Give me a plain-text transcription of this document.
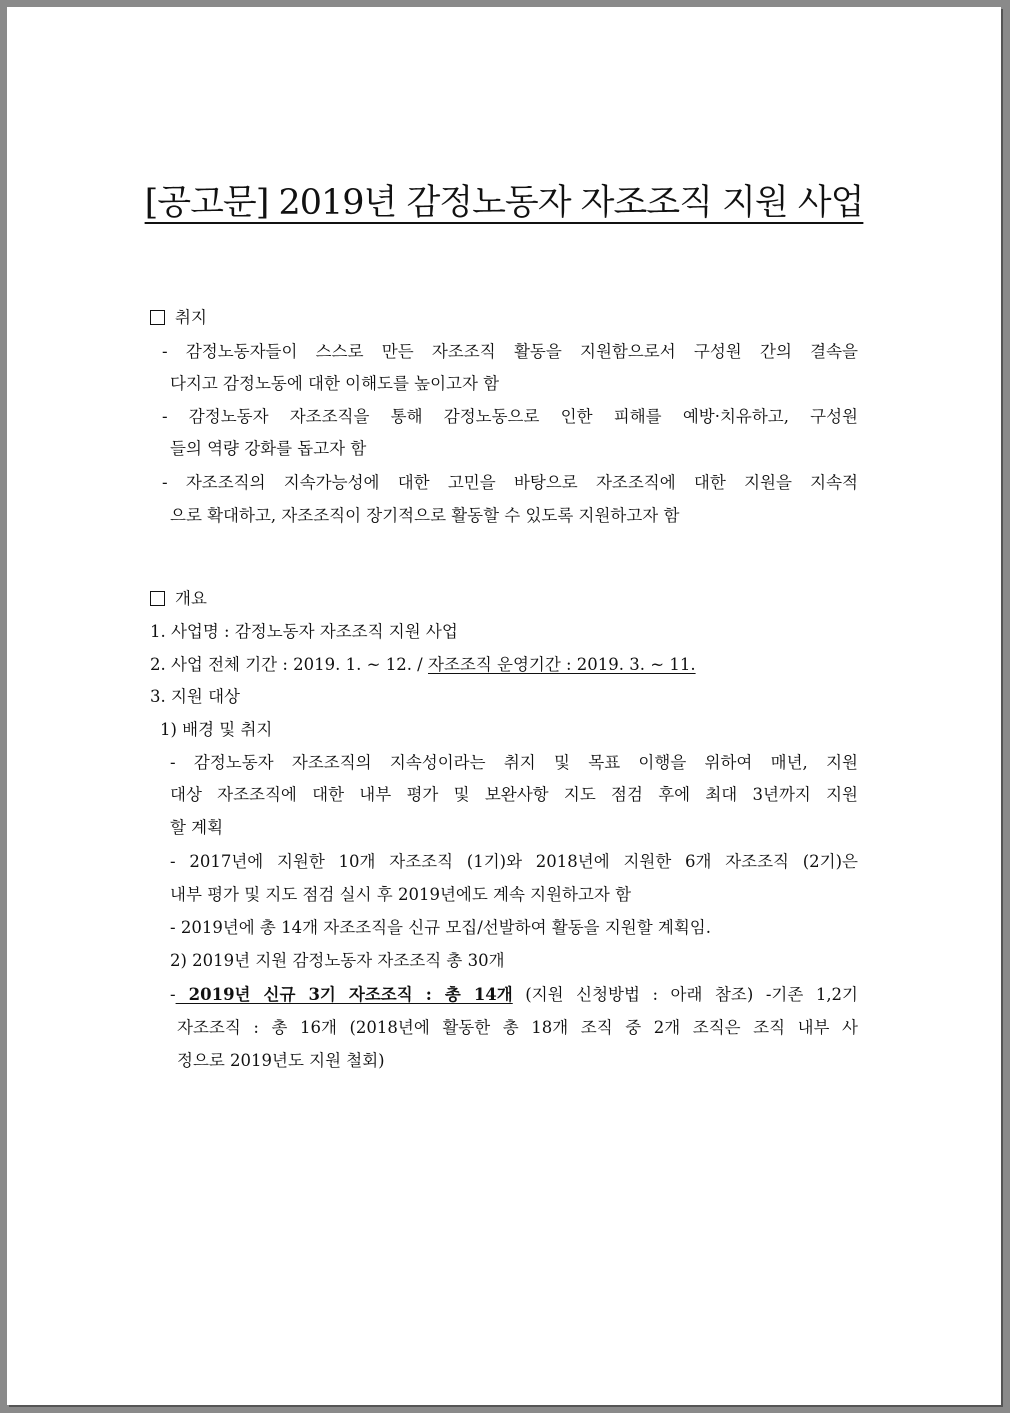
[공고문] 2019년 감정노동자 자조조직 지원 사업
취지
- 감정노동자들이 스스로 만든 자조조직 활동을 지원함으로서 구성원 간의 결속을
다지고 감정노동에 대한 이해도를 높이고자 함
- 감정노동자 자조조직을 통해 감정노동으로 인한 피해를 예방·치유하고, 구성원
들의 역량 강화를 돕고자 함
- 자조조직의 지속가능성에 대한 고민을 바탕으로 자조조직에 대한 지원을 지속적
으로 확대하고, 자조조직이 장기적으로 활동할 수 있도록 지원하고자 함
개요
1. 사업명 : 감정노동자 자조조직 지원 사업
2. 사업 전체 기간 : 2019. 1. ~ 12. / 자조조직 운영기간 : 2019. 3. ~ 11.
3. 지원 대상
1) 배경 및 취지
- 감정노동자 자조조직의 지속성이라는 취지 및 목표 이행을 위하여 매년, 지원
대상 자조조직에 대한 내부 평가 및 보완사항 지도 점검 후에 최대 3년까지 지원
할 계획
- 2017년에 지원한 10개 자조조직 (1기)와 2018년에 지원한 6개 자조조직 (2기)은
내부 평가 및 지도 점검 실시 후 2019년에도 계속 지원하고자 함
- 2019년에 총 14개 자조조직을 신규 모집/선발하여 활동을 지원할 계획임.
2) 2019년 지원 감정노동자 자조조직 총 30개
- 2019년 신규 3기 자조조직 : 총 14개 (지원 신청방법 : 아래 참조) -기존 1,2기
자조조직 : 총 16개 (2018년에 활동한 총 18개 조직 중 2개 조직은 조직 내부 사
정으로 2019년도 지원 철회)
